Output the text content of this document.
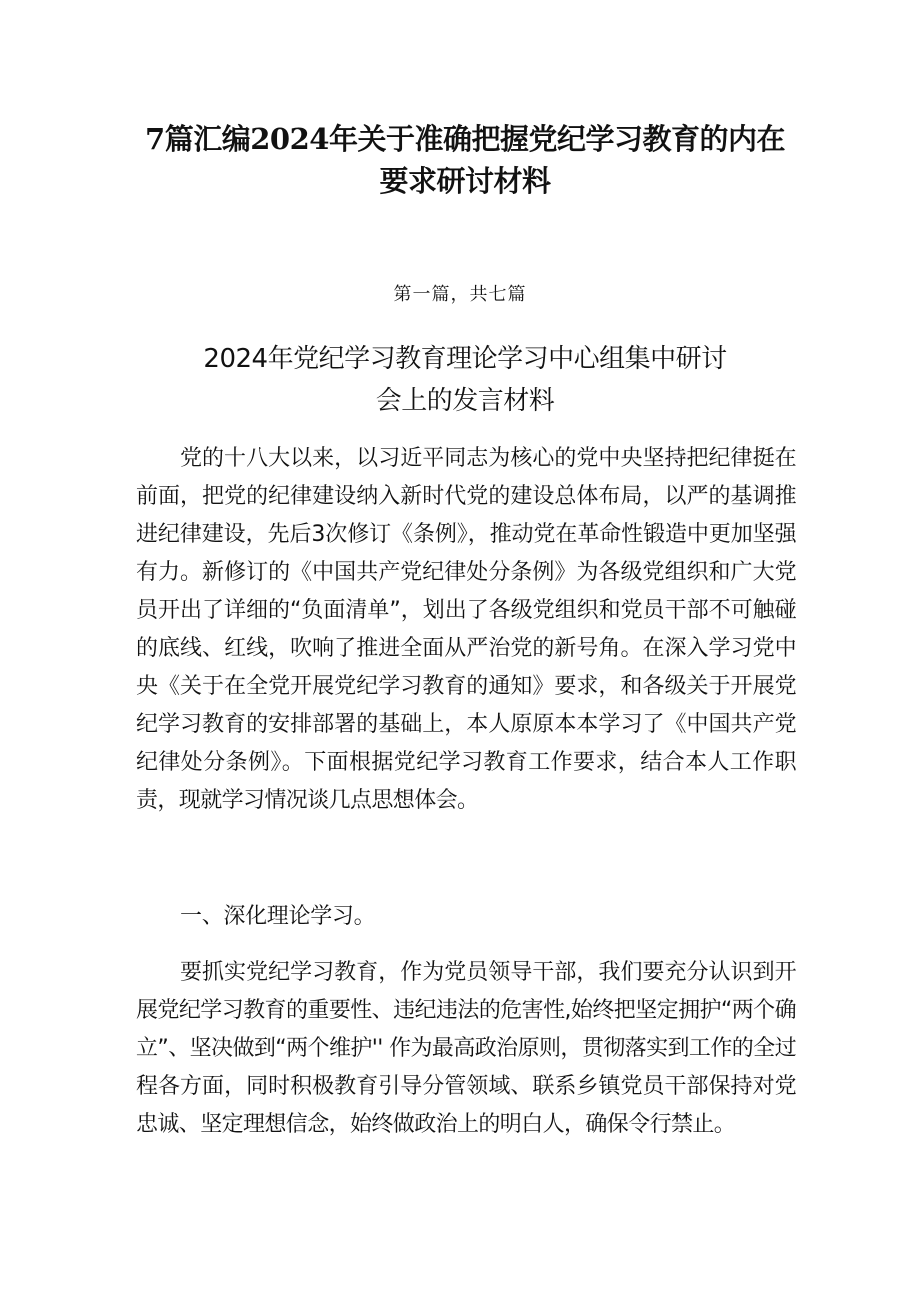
7篇汇编2024年关于准确把握党纪学习教育的内在
要求研讨材料
第一篇，共七篇
2024年党纪学习教育理论学习中心组集中研讨
会上的发言材料
党的十八大以来，以习近平同志为核心的党中央坚持把纪律挺在前面，把党的纪律建设纳入新时代党的建设总体布局，以严的基调推进纪律建设，先后3次修订《条例》，推动党在革命性锻造中更加坚强有力。新修订的《中国共产党纪律处分条例》为各级党组织和广大党员开出了详细的“负面清单”，划出了各级党组织和党员干部不可触碰的底线、红线，吹响了推进全面从严治党的新号角。在深入学习党中央《关于在全党开展党纪学习教育的通知》要求，和各级关于开展党纪学习教育的安排部署的基础上，本人原原本本学习了《中国共产党纪律处分条例》。下面根据党纪学习教育工作要求，结合本人工作职责，现就学习情况谈几点思想体会。
一、深化理论学习。
要抓实党纪学习教育，作为党员领导干部，我们要充分认识到开展党纪学习教育的重要性、违纪违法的危害性,始终把坚定拥护“两个确立”、坚决做到“两个维护'' 作为最高政治原则，贯彻落实到工作的全过程各方面，同时积极教育引导分管领域、联系乡镇党员干部保持对党忠诚、坚定理想信念，始终做政治上的明白人，确保令行禁止。
